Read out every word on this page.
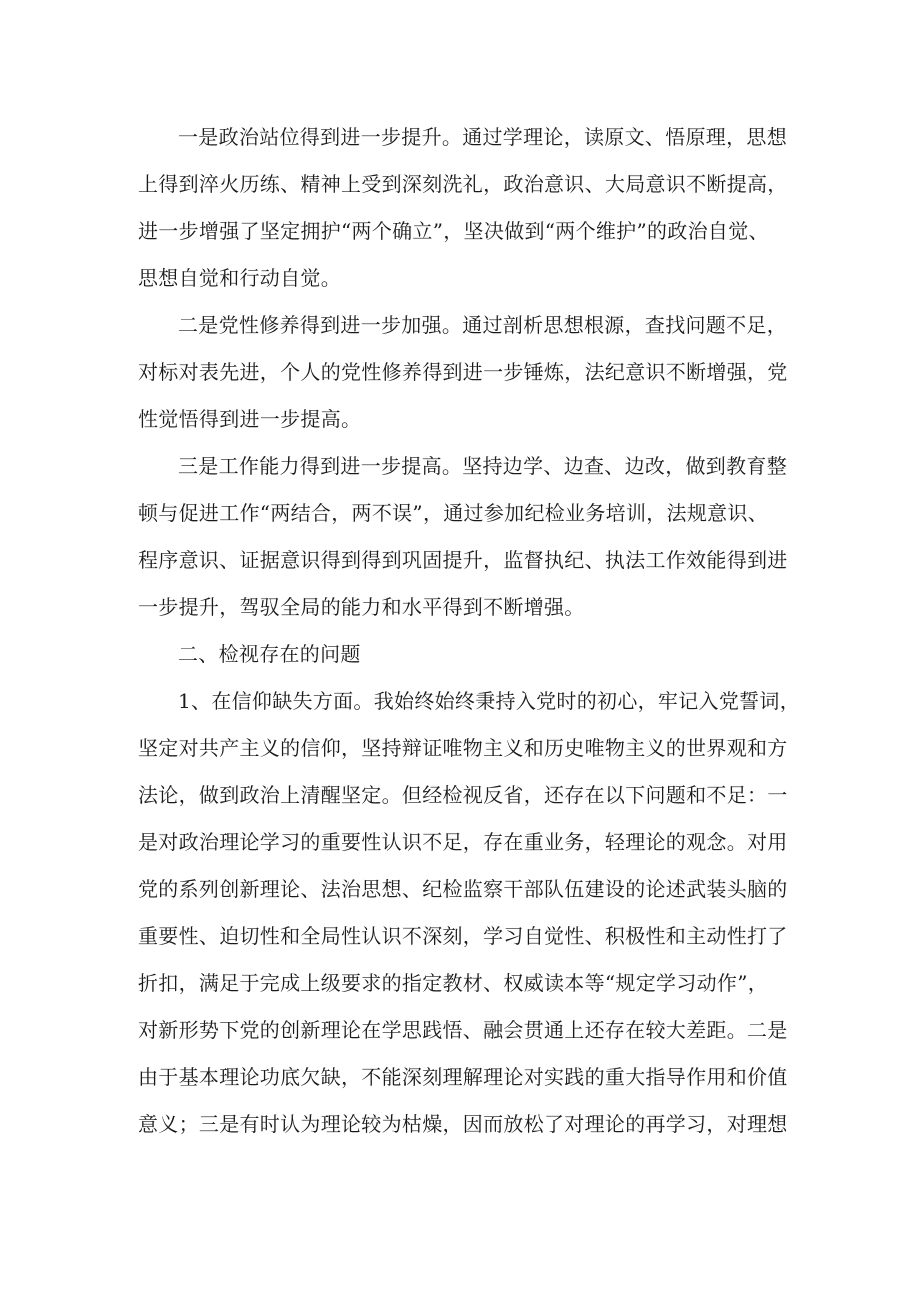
一是政治站位得到进一步提升。通过学理论，读原文、悟原理，思想
上得到淬火历练、精神上受到深刻洗礼，政治意识、大局意识不断提高，
进一步增强了坚定拥护“两个确立”，坚决做到“两个维护”的政治自觉、
思想自觉和行动自觉。
二是党性修养得到进一步加强。通过剖析思想根源，查找问题不足，
对标对表先进，个人的党性修养得到进一步锤炼，法纪意识不断增强，党
性觉悟得到进一步提高。
三是工作能力得到进一步提高。坚持边学、边查、边改，做到教育整
顿与促进工作“两结合，两不误”，通过参加纪检业务培训，法规意识、
程序意识、证据意识得到得到巩固提升，监督执纪、执法工作效能得到进
一步提升，驾驭全局的能力和水平得到不断增强。
二、检视存在的问题
1、在信仰缺失方面。我始终始终秉持入党时的初心，牢记入党誓词，
坚定对共产主义的信仰，坚持辩证唯物主义和历史唯物主义的世界观和方
法论，做到政治上清醒坚定。但经检视反省，还存在以下问题和不足：一
是对政治理论学习的重要性认识不足，存在重业务，轻理论的观念。对用
党的系列创新理论、法治思想、纪检监察干部队伍建设的论述武装头脑的
重要性、迫切性和全局性认识不深刻，学习自觉性、积极性和主动性打了
折扣，满足于完成上级要求的指定教材、权威读本等“规定学习动作”，
对新形势下党的创新理论在学思践悟、融会贯通上还存在较大差距。二是
由于基本理论功底欠缺，不能深刻理解理论对实践的重大指导作用和价值
意义；三是有时认为理论较为枯燥，因而放松了对理论的再学习，对理想
